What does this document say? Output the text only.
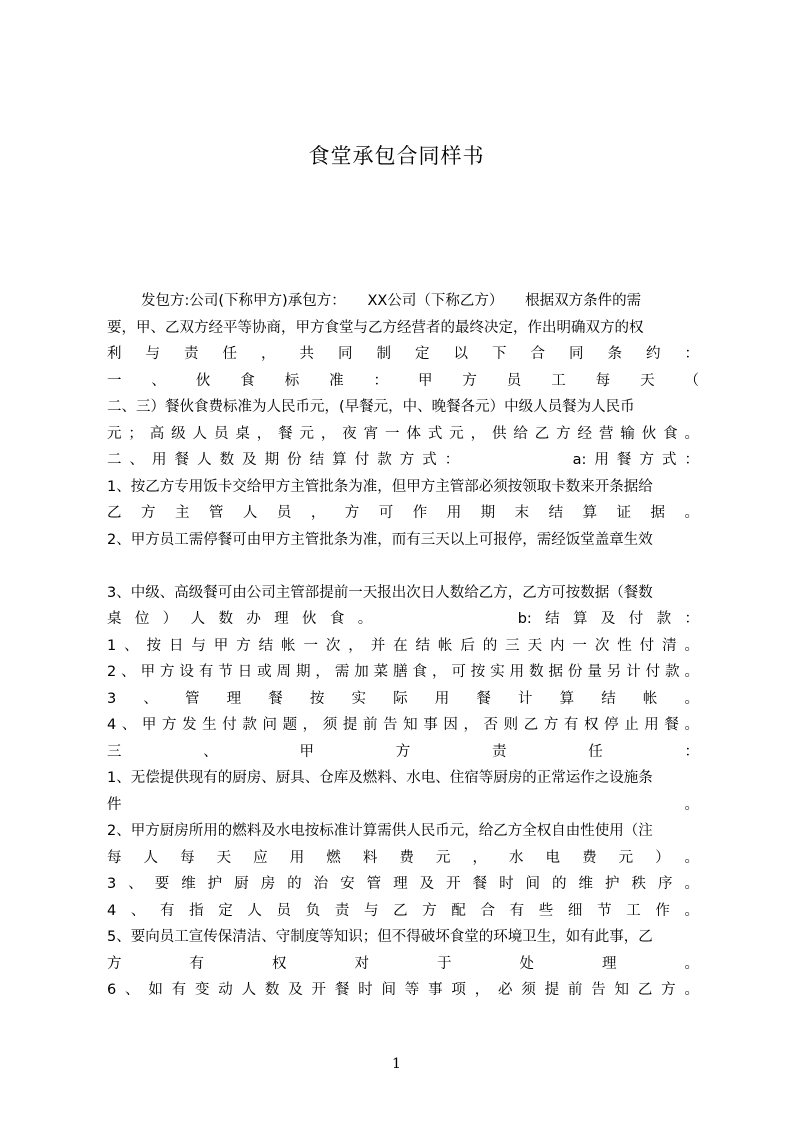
食堂承包合同样书
发包方:公司(下称甲方)承包方：　　XX公司（下称乙方）　　根据双方条件的需
要，甲、乙双方经平等协商，甲方食堂与乙方经营者的最终决定，作出明确双方的权
利与责任，共同制定以下合同条约：
一、伙食标准：甲方员工每天（
二、三）餐伙食费标准为人民币元，(早餐元，中、晚餐各元）中级人员餐为人民币
元；高级人员桌，餐元，夜宵一体式元，供给乙方经营输伙食。
二、用餐人数及期份结算付款方式：　　　　　a:用餐方式：
1、按乙方专用饭卡交给甲方主管批条为准，但甲方主管部必须按领取卡数来开条据给
乙方主管人员，方可作用期末结算证据。
2、甲方员工需停餐可由甲方主管批条为准，而有三天以上可报停，需经饭堂盖章生效
3、中级、高级餐可由公司主管部提前一天报出次日人数给乙方，乙方可按数据（餐数
桌位）人数办理伙食。　　　　　b:结算及付款：
1、按日与甲方结帐一次，并在结帐后的三天内一次性付清。
2、甲方设有节日或周期，需加菜膳食，可按实用数据份量另计付款。
3、管理餐按实际用餐计算结帐。
4、甲方发生付款问题，须提前告知事因，否则乙方有权停止用餐。
三、甲方责任：
1、无偿提供现有的厨房、厨具、仓库及燃料、水电、住宿等厨房的正常运作之设施条
件。
2、甲方厨房所用的燃料及水电按标准计算需供人民币元，给乙方全权自由性使用（注
每人每天应用燃料费元，水电费元）。
3、要维护厨房的治安管理及开餐时间的维护秩序。
4、有指定人员负责与乙方配合有些细节工作。
5、要向员工宣传保清洁、守制度等知识；但不得破坏食堂的环境卫生，如有此事，乙
方有权对于处理。
6、如有变动人数及开餐时间等事项，必须提前告知乙方。
1
